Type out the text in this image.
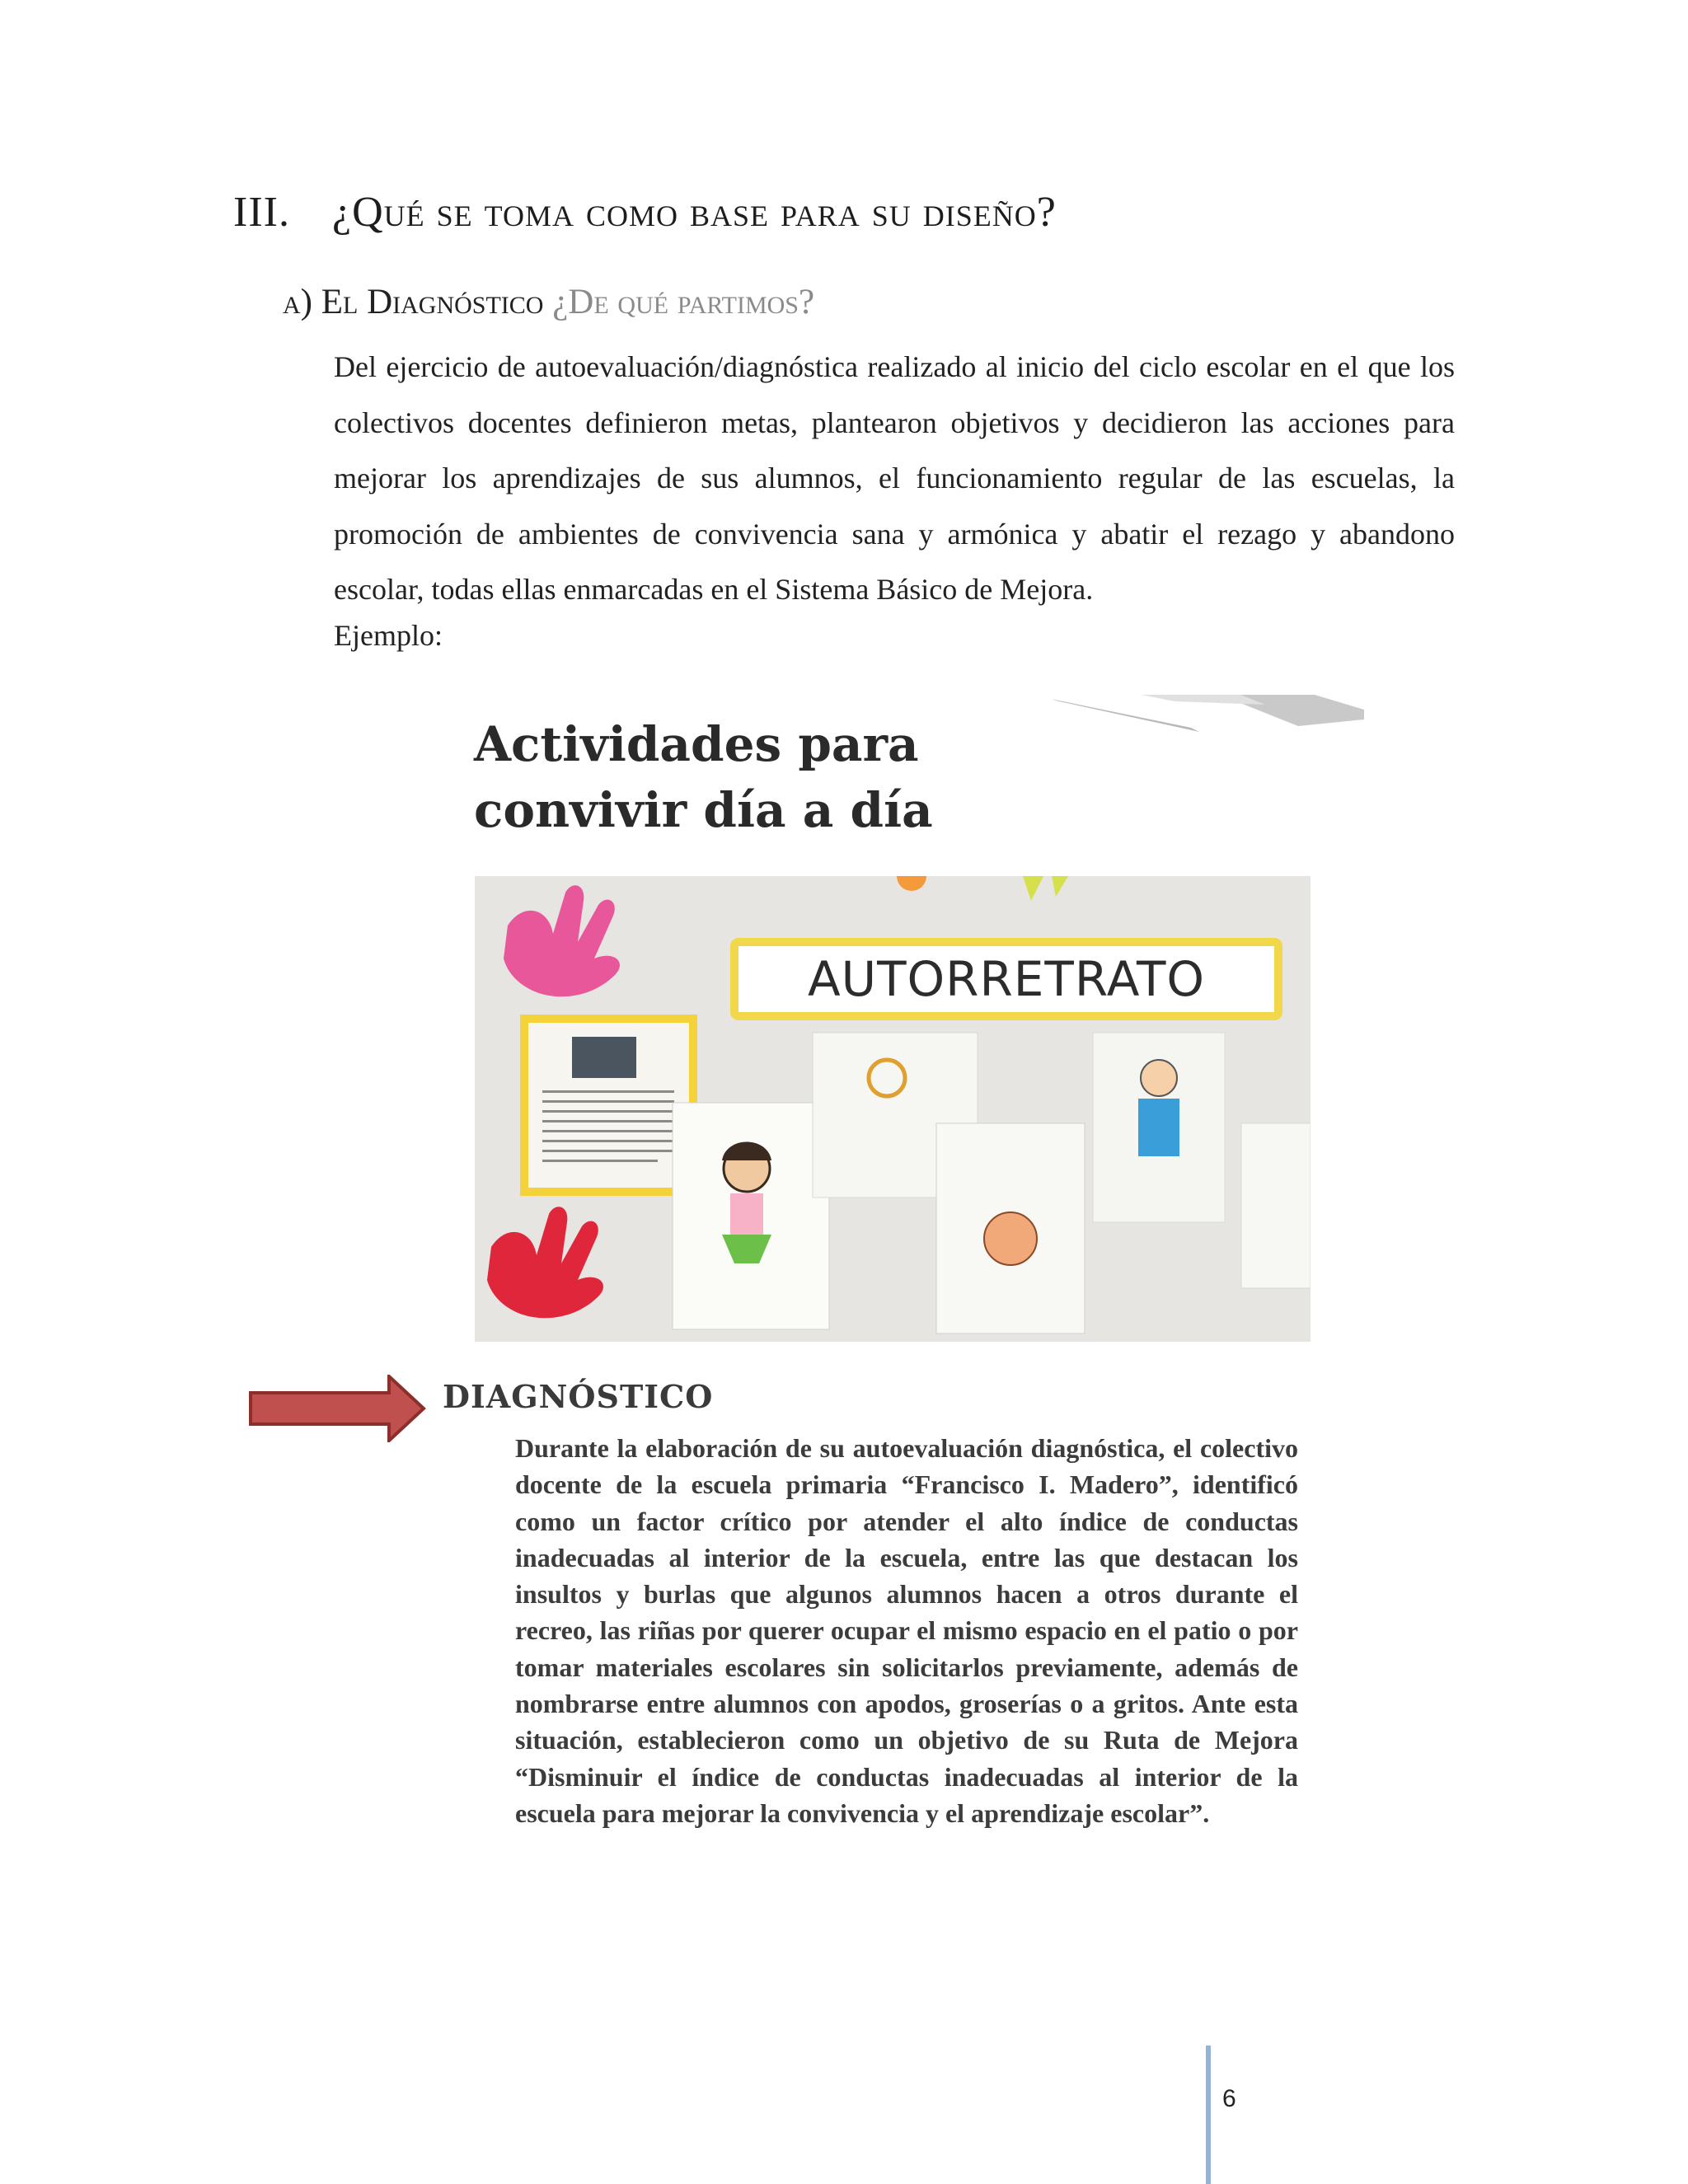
III. ¿Qué se toma como base para su diseño?
a) El Diagnóstico ¿De qué partimos?
Del ejercicio de autoevaluación/diagnóstica realizado al inicio del ciclo escolar en el que los colectivos docentes definieron metas, plantearon objetivos y decidieron las acciones para mejorar los aprendizajes de sus alumnos, el funcionamiento regular de las escuelas, la promoción de ambientes de convivencia sana y armónica y abatir el rezago y abandono escolar, todas ellas enmarcadas en el Sistema Básico de Mejora.
Ejemplo:
Actividades para
convivir día a día
AUTORRETRATO
DIAGNÓSTICO
Durante la elaboración de su autoevaluación diagnóstica, el colectivo docente de la escuela primaria “Francisco I. Madero”, identificó como un factor crítico por atender el alto índice de conductas inadecuadas al interior de la escuela, entre las que destacan los insultos y burlas que algunos alumnos hacen a otros durante el recreo, las riñas por querer ocupar el mismo espacio en el patio o por tomar materiales escolares sin solicitarlos previamente, además de nombrarse entre alumnos con apodos, groserías o a gritos. Ante esta situación, establecieron como un objetivo de su Ruta de Mejora “Disminuir el índice de conductas inadecuadas al interior de la escuela para mejorar la convivencia y el aprendizaje escolar”.
6
